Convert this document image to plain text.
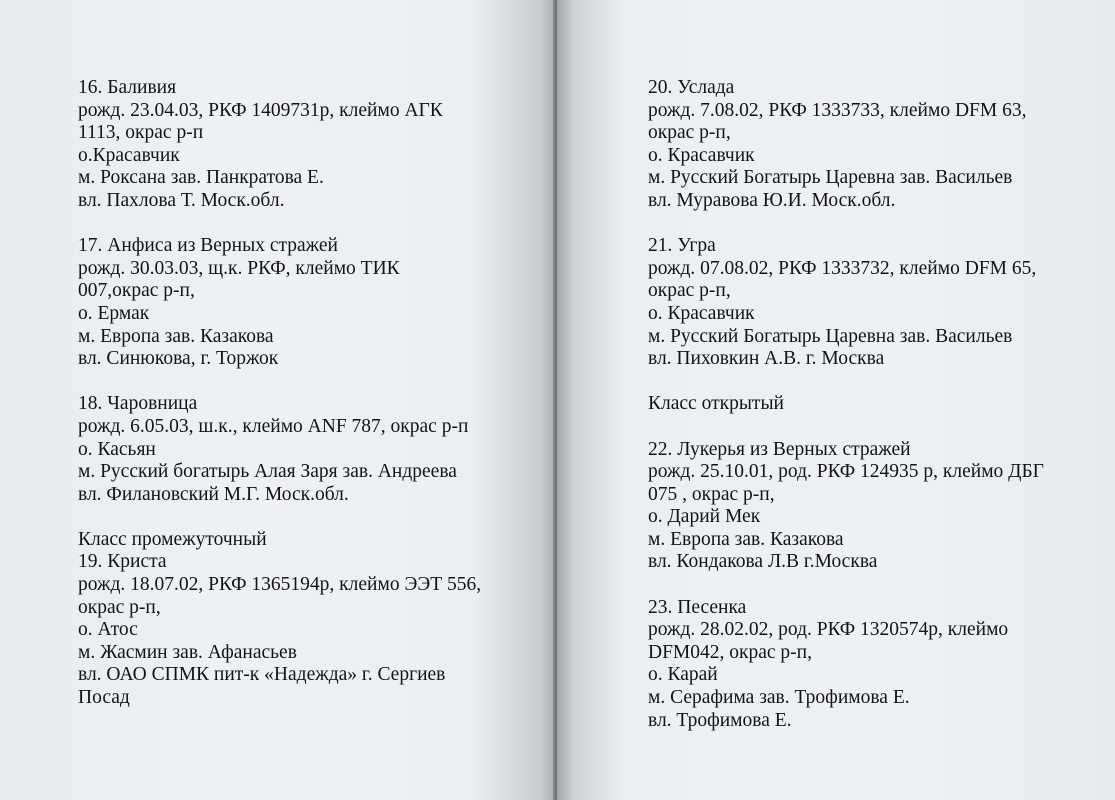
16. Баливия
рожд. 23.04.03, РКФ 1409731р, клеймо АГК
1113, окрас р-п
о.Красавчик
м. Роксана зав. Панкратова Е.
вл. Пахлова Т. Моск.обл.
17. Анфиса из Верных стражей
рожд. 30.03.03, щ.к. РКФ, клеймо ТИК
007,окрас р-п,
о. Ермак
м. Европа зав. Казакова
вл. Синюкова, г. Торжок
18. Чаровница
рожд. 6.05.03, ш.к., клеймо ANF 787, окрас р-п
о. Касьян
м. Русский богатырь Алая Заря зав. Андреева
вл. Филановский М.Г. Моск.обл.
Класс промежуточный
19. Криста
рожд. 18.07.02, РКФ 1365194р, клеймо ЭЭТ 556,
окрас р-п,
о. Атос
м. Жасмин зав. Афанасьев
вл. ОАО СПМК пит-к «Надежда» г. Сергиев
Посад
20. Услада
рожд. 7.08.02, РКФ 1333733, клеймо DFM 63,
окрас р-п,
о. Красавчик
м. Русский Богатырь Царевна зав. Васильев
вл. Муравова Ю.И. Моск.обл.
21. Угра
рожд. 07.08.02, РКФ 1333732, клеймо DFM 65,
окрас р-п,
о. Красавчик
м. Русский Богатырь Царевна зав. Васильев
вл. Пиховкин А.В. г. Москва
Класс открытый
22. Лукерья из Верных стражей
рожд. 25.10.01, род. РКФ 124935 р, клеймо ДБГ
075 , окрас р-п,
о. Дарий Мек
м. Европа зав. Казакова
вл. Кондакова Л.В г.Москва
23. Песенка
рожд. 28.02.02, род. РКФ 1320574р, клеймо
DFM042, окрас р-п,
о. Карай
м. Серафима зав. Трофимова Е.
вл. Трофимова Е.
